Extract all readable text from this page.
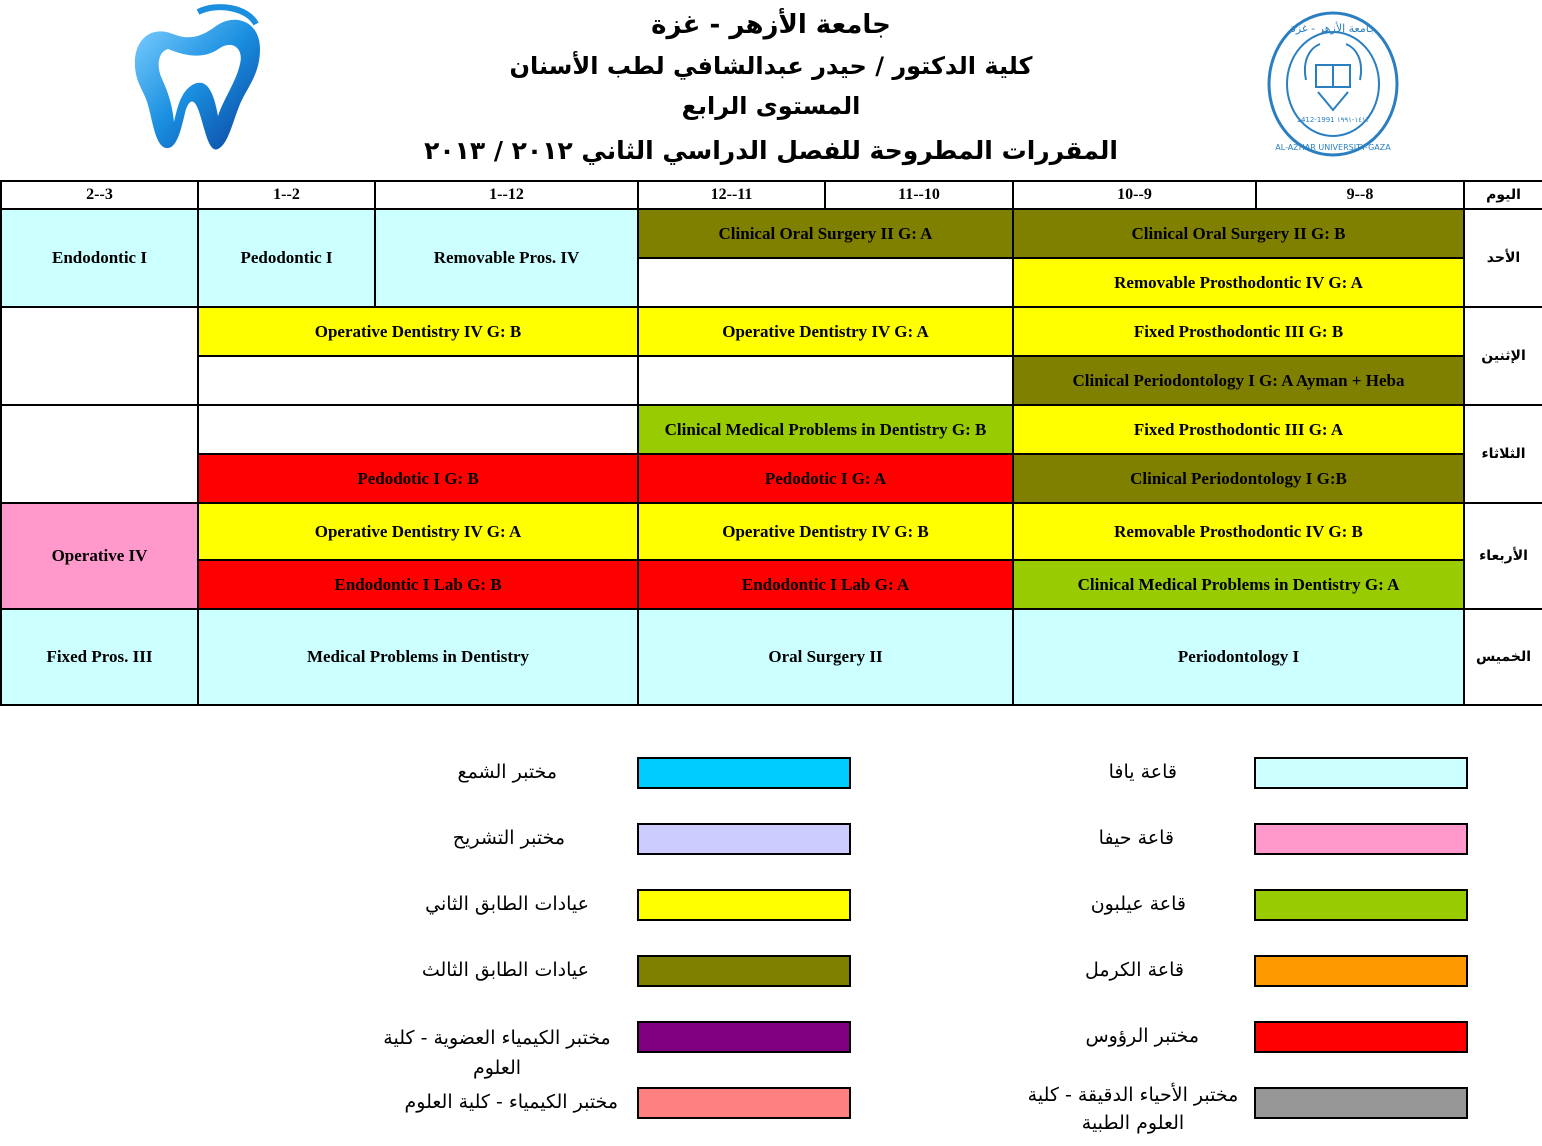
جامعة الأزهر - غزة
كلية الدكتور / حيدر عبدالشافي لطب الأسنان
المستوى الرابع
المقررات المطروحة للفصل الدراسي الثاني ٢٠١٢ / ٢٠١٣
جامعة الأزهر - غزة
AL-AZHAR UNIVERSITY-GAZA
1412-1991 ١٤١٢-١٩٩١
2--3	1--2	1--12	12--11	11--10	10--9	9--8	اليوم
Endodontic I	Pedodontic I	Removable Pros. IV	Clinical Oral Surgery II G: A		Clinical Oral Surgery II G: B		الأحد
					Removable Prosthodontic IV G: A		
	Operative Dentistry IV G: B		Operative Dentistry IV G: A		Fixed Prosthodontic III G: B		الإثنين
					Clinical Periodontology I G: A Ayman + Heba		
			Clinical Medical Problems in Dentistry G: B		Fixed Prosthodontic III G: A		الثلاثاء
	Pedodotic I G: B		Pedodotic I G: A		Clinical Periodontology I G:B		
Operative IV	Operative Dentistry IV G: A		Operative Dentistry IV G: B		Removable Prosthodontic IV G: B		الأربعاء
	Endodontic I Lab G: B		Endodontic I Lab G: A		Clinical Medical Problems in Dentistry G: A		
Fixed Pros. III	Medical Problems in Dentistry		Oral Surgery II		Periodontology I		الخميس
قاعة يافا
قاعة حيفا
قاعة عيلبون
قاعة الكرمل
مختبر الرؤوس
مختبر الأحياء الدقيقة - كلية العلوم الطبية
مختبر الشمع
مختبر التشريح
عيادات الطابق الثاني
عيادات الطابق الثالث
مختبر الكيمياء العضوية - كلية العلوم
مختبر الكيمياء - كلية العلوم
